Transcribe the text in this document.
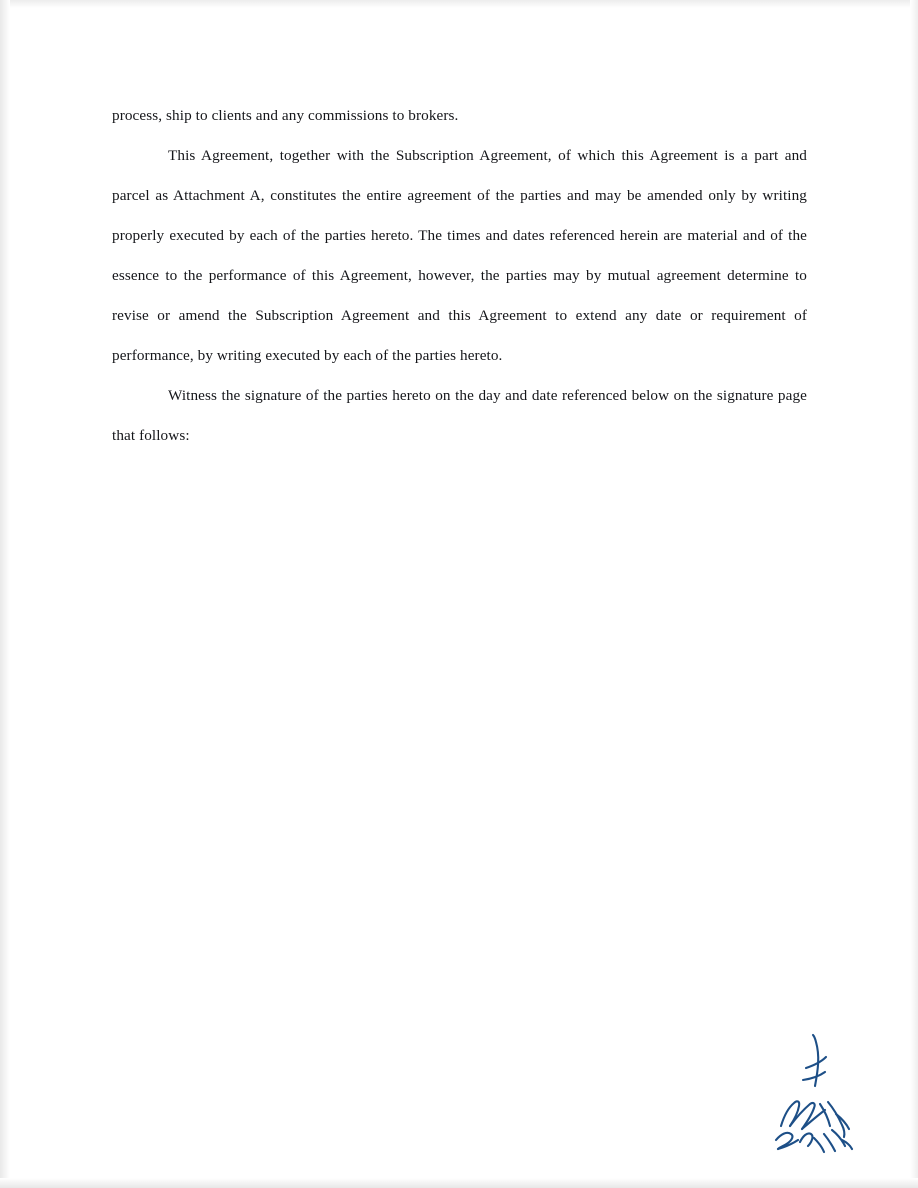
process, ship to clients and any commissions to brokers.

This Agreement, together with the Subscription Agreement, of which this Agreement is a part and parcel as Attachment A, constitutes the entire agreement of the parties and may be amended only by writing properly executed by each of the parties hereto. The times and dates referenced herein are material and of the essence to the performance of this Agreement, however, the parties may by mutual agreement determine to revise or amend the Subscription Agreement and this Agreement to extend any date or requirement of performance, by writing executed by each of the parties hereto.

Witness the signature of the parties hereto on the day and date referenced below on the signature page that follows:
